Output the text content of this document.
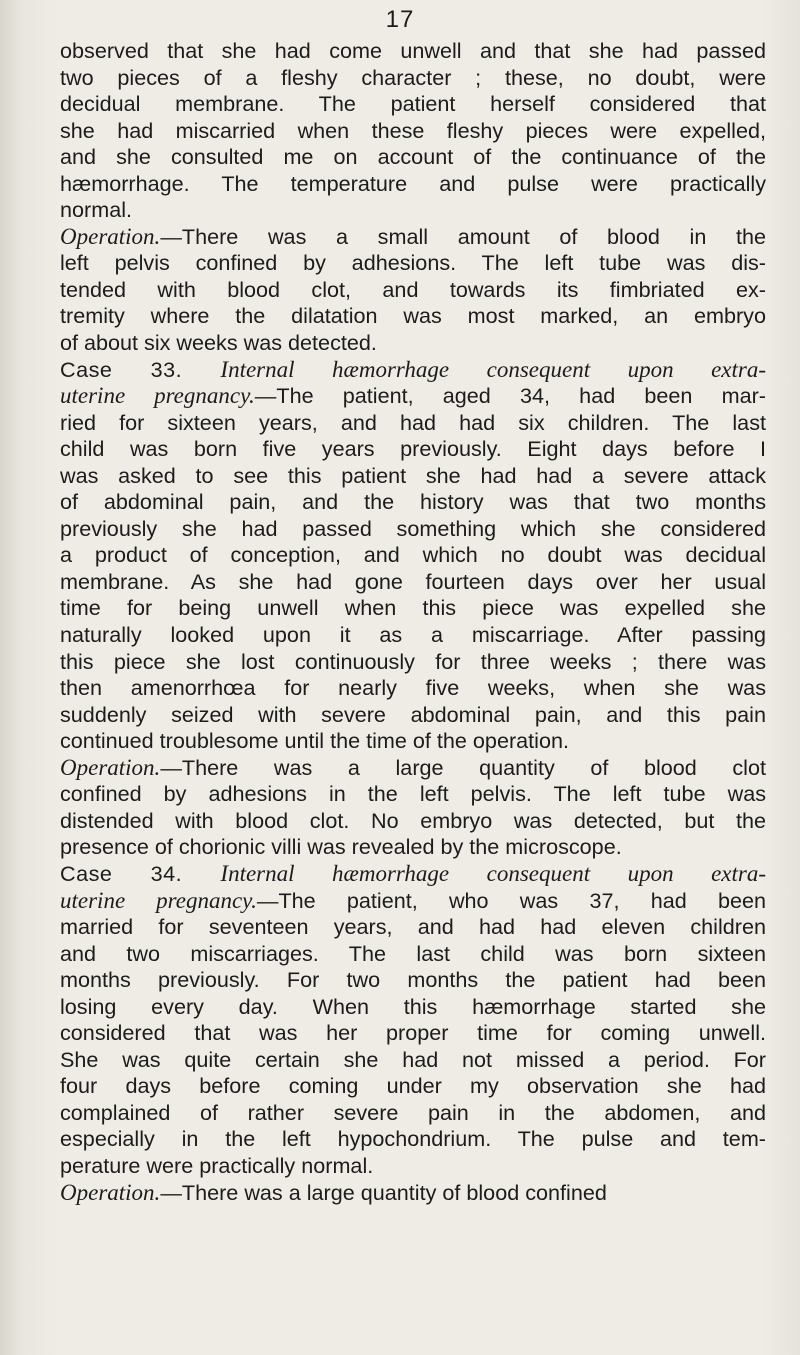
17
observed that she had come unwell and that she had passed
two pieces of a fleshy character ; these, no doubt, were
decidual membrane. The patient herself considered that
she had miscarried when these fleshy pieces were expelled,
and she consulted me on account of the continuance of the
hæmorrhage. The temperature and pulse were practically
normal.
Operation.—There was a small amount of blood in the
left pelvis confined by adhesions. The left tube was dis-
tended with blood clot, and towards its fimbriated ex-
tremity where the dilatation was most marked, an embryo
of about six weeks was detected.
Case 33. Internal hæmorrhage consequent upon extra-
uterine pregnancy.—The patient, aged 34, had been mar-
ried for sixteen years, and had had six children. The last
child was born five years previously. Eight days before I
was asked to see this patient she had had a severe attack
of abdominal pain, and the history was that two months
previously she had passed something which she considered
a product of conception, and which no doubt was decidual
membrane. As she had gone fourteen days over her usual
time for being unwell when this piece was expelled she
naturally looked upon it as a miscarriage. After passing
this piece she lost continuously for three weeks ; there was
then amenorrhœa for nearly five weeks, when she was
suddenly seized with severe abdominal pain, and this pain
continued troublesome until the time of the operation.
Operation.—There was a large quantity of blood clot
confined by adhesions in the left pelvis. The left tube was
distended with blood clot. No embryo was detected, but the
presence of chorionic villi was revealed by the microscope.
Case 34. Internal hæmorrhage consequent upon extra-
uterine pregnancy.—The patient, who was 37, had been
married for seventeen years, and had had eleven children
and two miscarriages. The last child was born sixteen
months previously. For two months the patient had been
losing every day. When this hæmorrhage started she
considered that was her proper time for coming unwell.
She was quite certain she had not missed a period. For
four days before coming under my observation she had
complained of rather severe pain in the abdomen, and
especially in the left hypochondrium. The pulse and tem-
perature were practically normal.
Operation.—There was a large quantity of blood confined
